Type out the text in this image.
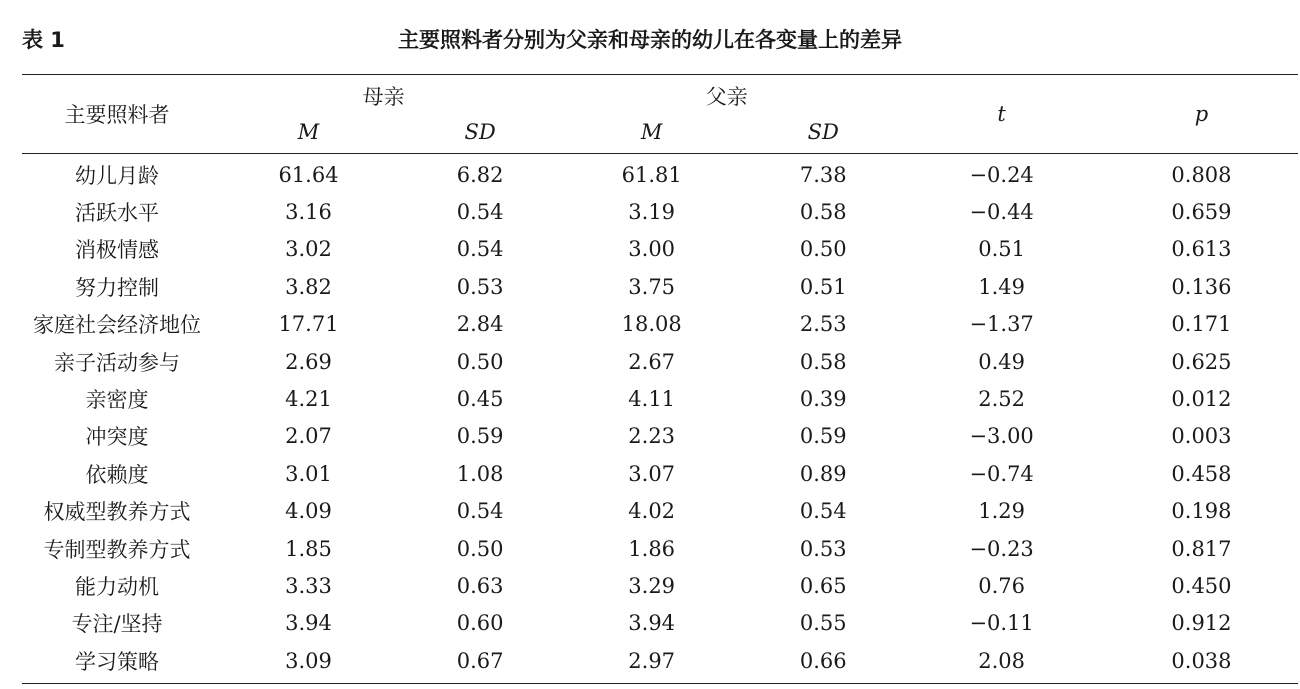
表 1	主要照料者分别为父亲和母亲的幼儿在各变量上的差异
主要照料者	母亲		父亲		t	p
	M	SD	M	SD		
幼儿月龄	61.64	6.82	61.81	7.38	−0.24	0.808
活跃水平	3.16	0.54	3.19	0.58	−0.44	0.659
消极情感	3.02	0.54	3.00	0.50	0.51	0.613
努力控制	3.82	0.53	3.75	0.51	1.49	0.136
家庭社会经济地位	17.71	2.84	18.08	2.53	−1.37	0.171
亲子活动参与	2.69	0.50	2.67	0.58	0.49	0.625
亲密度	4.21	0.45	4.11	0.39	2.52	0.012
冲突度	2.07	0.59	2.23	0.59	−3.00	0.003
依赖度	3.01	1.08	3.07	0.89	−0.74	0.458
权威型教养方式	4.09	0.54	4.02	0.54	1.29	0.198
专制型教养方式	1.85	0.50	1.86	0.53	−0.23	0.817
能力动机	3.33	0.63	3.29	0.65	0.76	0.450
专注/坚持	3.94	0.60	3.94	0.55	−0.11	0.912
学习策略	3.09	0.67	2.97	0.66	2.08	0.038
